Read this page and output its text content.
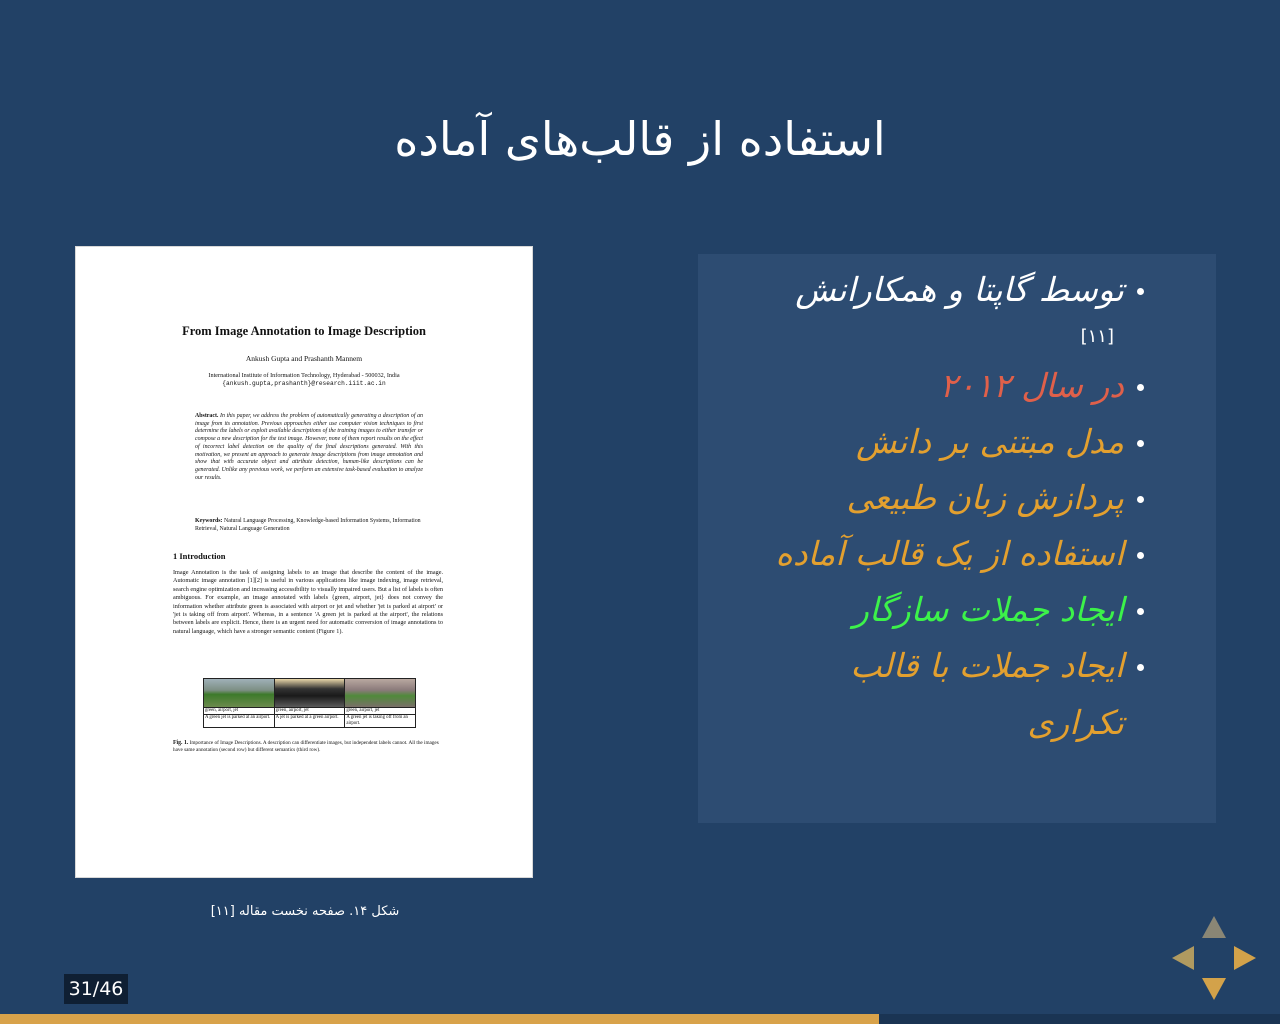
استفاده از قالب‌های آماده
From Image Annotation to Image Description
Ankush Gupta and Prashanth Mannem
International Institute of Information Technology, Hyderabad - 500032, India
{ankush.gupta,prashanth}@research.iiit.ac.in
Abstract. In this paper, we address the problem of automatically generating a description of an image from its annotation. Previous approaches either use computer vision techniques to first determine the labels or exploit available descriptions of the training images to either transfer or compose a new description for the test image. However, none of them report results on the effect of incorrect label detection on the quality of the final descriptions generated. With this motivation, we present an approach to generate image descriptions from image annotation and show that with accurate object and attribute detection, human-like descriptions can be generated. Unlike any previous work, we perform an extensive task-based evaluation to analyze our results.
Keywords: Natural Language Processing, Knowledge-based Information Systems, Information Retrieval, Natural Language Generation
1 Introduction
Image Annotation is the task of assigning labels to an image that describe the content of the image. Automatic image annotation [1][2] is useful in various applications like image indexing, image retrieval, search engine optimization and increasing accessibility to visually impaired users. But a list of labels is often ambiguous. For example, an image annotated with labels {green, airport, jet} does not convey the information whether attribute green is associated with airport or jet and whether 'jet is parked at airport' or 'jet is taking off from airport'. Whereas, in a sentence 'A green jet is parked at the airport', the relations between labels are explicit. Hence, there is an urgent need for automatic conversion of image annotations to natural language, which have a stronger semantic content (Figure 1).
green, airport, jet	green, airport, jet	green, airport, jet
A green jet is parked at an airport.	A jet is parked at a green airport.	A green jet is taking off from an airport.
Fig. 1. Importance of Image Descriptions. A description can differentiate images, but independent labels cannot. All the images have same annotation (second row) but different semantics (third row).
شکل ۱۴. صفحه نخست مقاله [۱۱]
توسط گاپتا و همکارانش
[۱۱]
در سال ۲۰۱۲
مدل مبتنی بر دانش
پردازش زبان طبیعی
استفاده از یک قالب آماده
ایجاد جملات سازگار
ایجاد جملات با قالب
تکراری
31/46
